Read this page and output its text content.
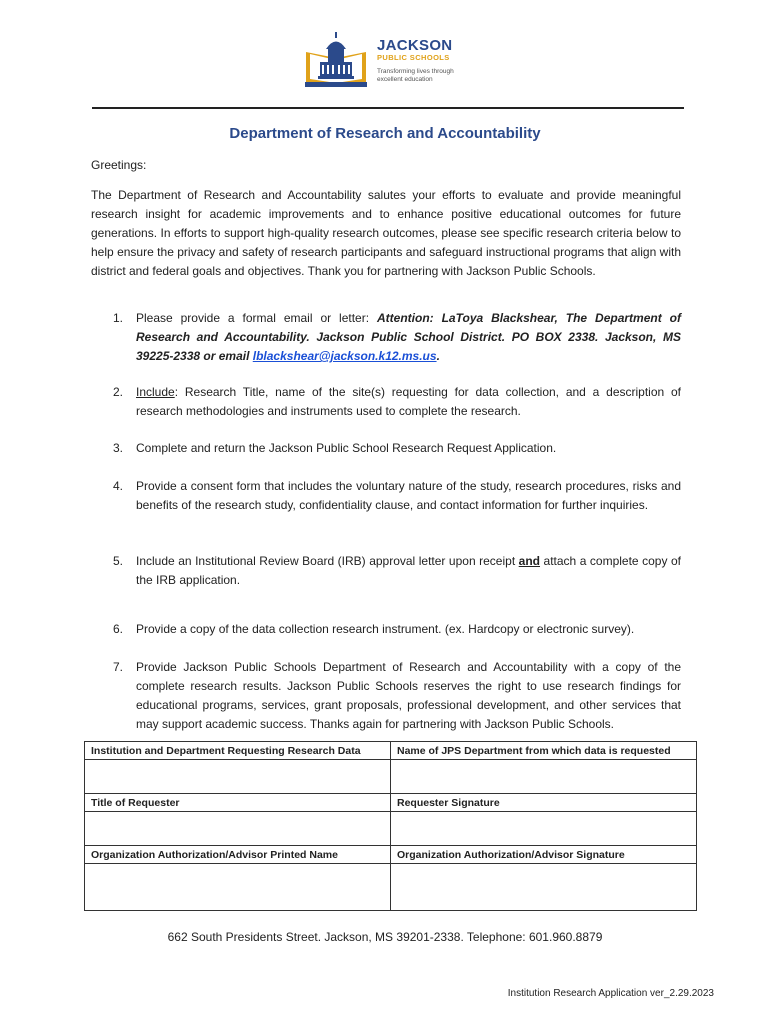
JACKSON
PUBLIC SCHOOLS
Transforming lives through excellent education
Department of Research and Accountability
Greetings:
The Department of Research and Accountability salutes your efforts to evaluate and provide meaningful research insight for academic improvements and to enhance positive educational outcomes for future generations. In efforts to support high-quality research outcomes, please see specific research criteria below to help ensure the privacy and safety of research participants and safeguard instructional programs that align with district and federal goals and objectives. Thank you for partnering with Jackson Public Schools.
1.	Please provide a formal email or letter: Attention: LaToya Blackshear, The Department of Research and Accountability. Jackson Public School District. PO BOX 2338. Jackson, MS 39225-2338 or email lblackshear@jackson.k12.ms.us.
2.	Include: Research Title, name of the site(s) requesting for data collection, and a description of research methodologies and instruments used to complete the research.
3.	Complete and return the Jackson Public School Research Request Application.
4.	Provide a consent form that includes the voluntary nature of the study, research procedures, risks and benefits of the research study, confidentiality clause, and contact information for further inquiries.
5.	Include an Institutional Review Board (IRB) approval letter upon receipt and attach a complete copy of the IRB application.
6.	Provide a copy of the data collection research instrument. (ex. Hardcopy or electronic survey).
7.	Provide Jackson Public Schools Department of Research and Accountability with a copy of the complete research results. Jackson Public Schools reserves the right to use research findings for educational programs, services, grant proposals, professional development, and other services that may support academic success. Thanks again for partnering with Jackson Public Schools.
Institution and Department Requesting Research Data	Name of JPS Department from which data is requested

Title of Requester	Requester Signature

Organization Authorization/Advisor Printed Name	Organization Authorization/Advisor Signature

662 South Presidents Street. Jackson, MS 39201-2338. Telephone: 601.960.8879
Institution Research Application ver_2.29.2023
